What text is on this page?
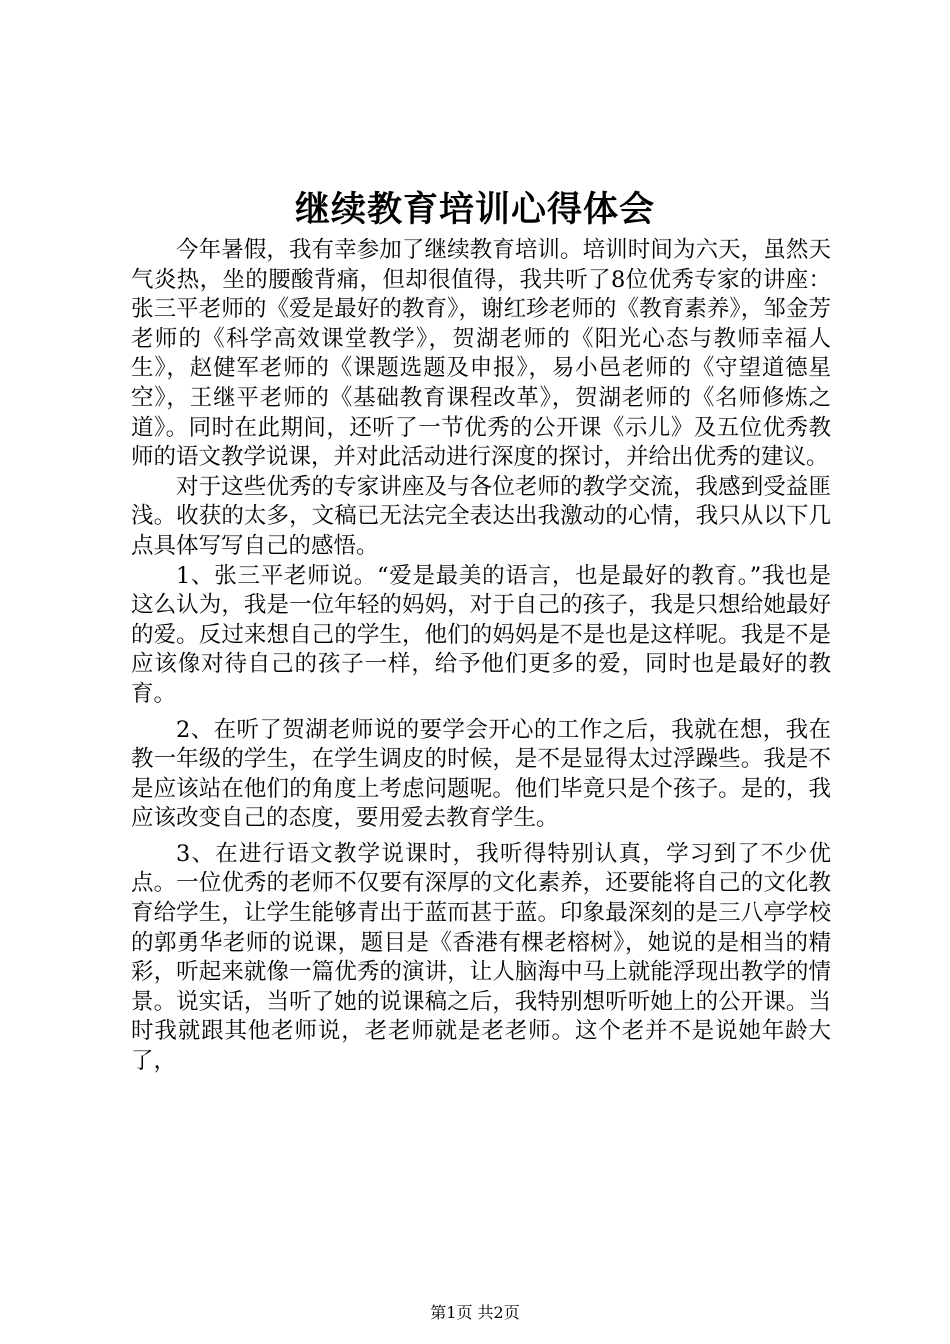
继续教育培训心得体会

今年暑假，我有幸参加了继续教育培训。培训时间为六天，虽然天气炎热，坐的腰酸背痛，但却很值得，我共听了8位优秀专家的讲座：张三平老师的《爱是最好的教育》，谢红珍老师的《教育素养》，邹金芳老师的《科学高效课堂教学》，贺湖老师的《阳光心态与教师幸福人生》，赵健军老师的《课题选题及申报》，易小邑老师的《守望道德星空》，王继平老师的《基础教育课程改革》，贺湖老师的《名师修炼之道》。同时在此期间，还听了一节优秀的公开课《示儿》及五位优秀教师的语文教学说课，并对此活动进行深度的探讨，并给出优秀的建议。

对于这些优秀的专家讲座及与各位老师的教学交流，我感到受益匪浅。收获的太多，文稿已无法完全表达出我激动的心情，我只从以下几点具体写写自己的感悟。

1、张三平老师说。“爱是最美的语言，也是最好的教育。”我也是这么认为，我是一位年轻的妈妈，对于自己的孩子，我是只想给她最好的爱。反过来想自己的学生，他们的妈妈是不是也是这样呢。我是不是应该像对待自己的孩子一样，给予他们更多的爱，同时也是最好的教育。

2、在听了贺湖老师说的要学会开心的工作之后，我就在想，我在教一年级的学生，在学生调皮的时候，是不是显得太过浮躁些。我是不是应该站在他们的角度上考虑问题呢。他们毕竟只是个孩子。是的，我应该改变自己的态度，要用爱去教育学生。

3、在进行语文教学说课时，我听得特别认真，学习到了不少优点。一位优秀的老师不仅要有深厚的文化素养，还要能将自己的文化教育给学生，让学生能够青出于蓝而甚于蓝。印象最深刻的是三八亭学校的郭勇华老师的说课，题目是《香港有棵老榕树》，她说的是相当的精彩，听起来就像一篇优秀的演讲，让人脑海中马上就能浮现出教学的情景。说实话，当听了她的说课稿之后，我特别想听听她上的公开课。当时我就跟其他老师说，老老师就是老老师。这个老并不是说她年龄大了，

第1页 共2页
